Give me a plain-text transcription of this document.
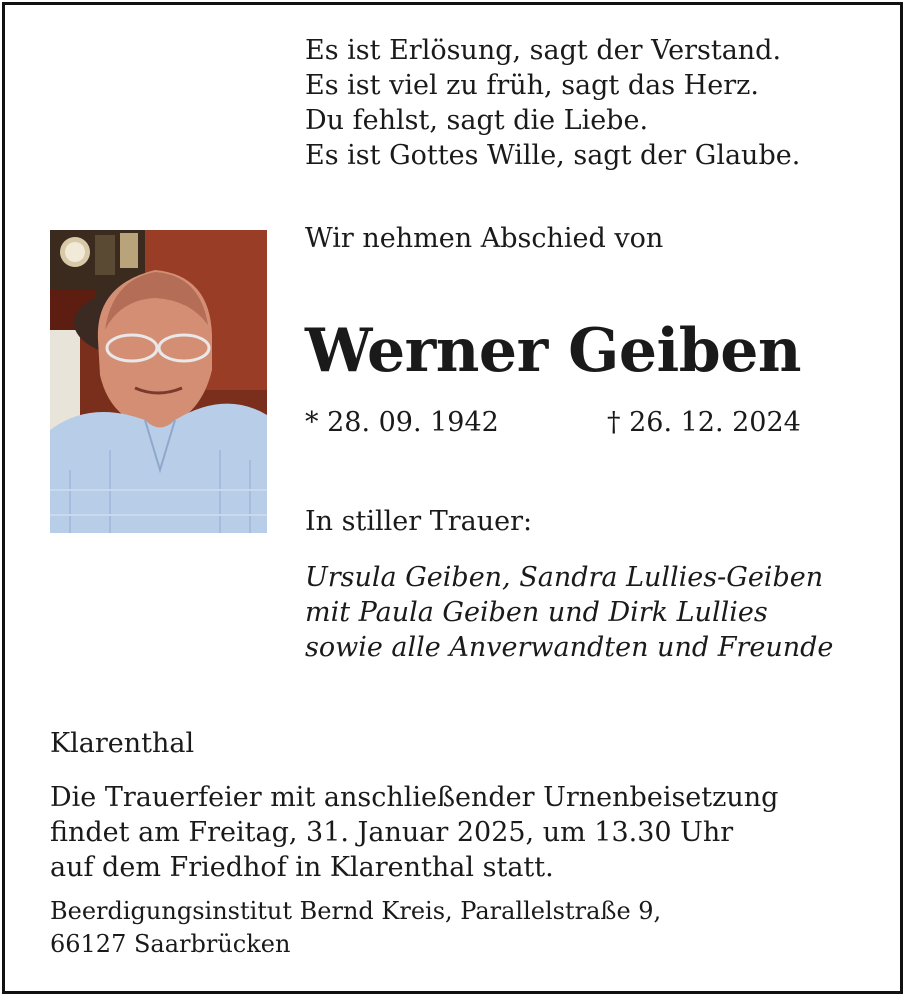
Es ist Erlösung, sagt der Verstand.
Es ist viel zu früh, sagt das Herz.
Du fehlst, sagt die Liebe.
Es ist Gottes Wille, sagt der Glaube.
Wir nehmen Abschied von
Werner Geiben
* 28. 09. 1942	† 26. 12. 2024
In stiller Trauer:
Ursula Geiben, Sandra Lullies-Geiben
mit Paula Geiben und Dirk Lullies
sowie alle Anverwandten und Freunde
Klarenthal
Die Trauerfeier mit anschließender Urnenbeisetzung
findet am Freitag, 31. Januar 2025, um 13.30 Uhr
auf dem Friedhof in Klarenthal statt.
Beerdigungsinstitut Bernd Kreis, Parallelstraße 9,
66127 Saarbrücken
